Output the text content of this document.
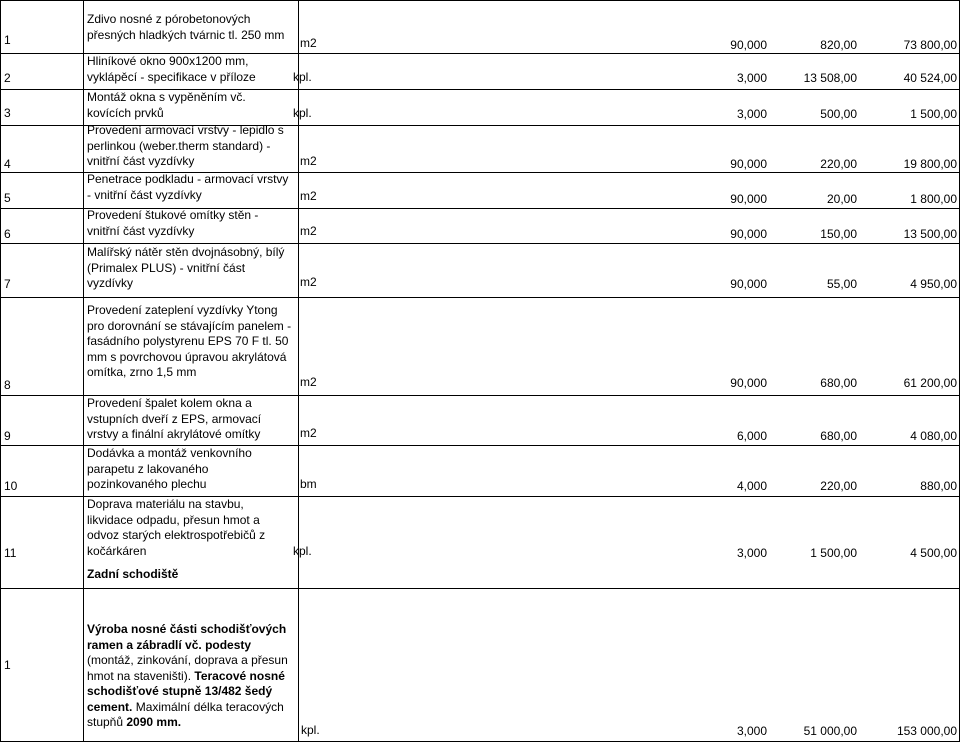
1
Zdivo nosné z pórobetonových
přesných hladkých tvárnic tl. 250 mm
m2	90,000	820,00	73 800,00
2
Hliníkové okno 900x1200 mm,
vyklápěcí - specifikace v příloze	kpl.	3,000	13 508,00	40 524,00
3
Montáž okna s vypěněním vč.
kovících prvků	kpl.	3,000	500,00	1 500,00
4
Provedení armovací vrstvy - lepidlo s
perlinkou (weber.therm standard) -
vnitřní část vyzdívky	m2	90,000	220,00	19 800,00
5
Penetrace podkladu - armovací vrstvy
- vnitřní část vyzdívky	m2	90,000	20,00	1 800,00
6
Provedení štukové omítky stěn -
vnitřní část vyzdívky	m2	90,000	150,00	13 500,00
7
Malířský nátěr stěn dvojnásobný, bílý
(Primalex PLUS) - vnitřní část
vyzdívky	m2	90,000	55,00	4 950,00
8
Provedení zateplení vyzdívky Ytong
pro dorovnání se stávajícím panelem -
fasádního polystyrenu EPS 70 F tl. 50
mm s povrchovou úpravou akrylátová
omítka, zrno 1,5 mm
m2	90,000	680,00	61 200,00
9
Provedení špalet kolem okna a
vstupních dveří z EPS, armovací
vrstvy a finální akrylátové omítky	m2	6,000	680,00	4 080,00
10
Dodávka a montáž venkovního
parapetu z lakovaného
pozinkovaného plechu	bm	4,000	220,00	880,00
11
Doprava materiálu na stavbu,
likvidace odpadu, přesun hmot a
odvoz starých elektrospotřebičů z
kočárkáren	kpl.	3,000	1 500,00	4 500,00
Zadní schodiště
1
Výroba nosné části schodišťových
ramen a zábradlí vč. podesty
(montáž, zinkování, doprava a přesun
hmot na staveništi). Teracové nosné
schodišťové stupně 13/482 šedý
cement. Maximální délka teracových
stupňů 2090 mm.
kpl.	3,000	51 000,00	153 000,00
